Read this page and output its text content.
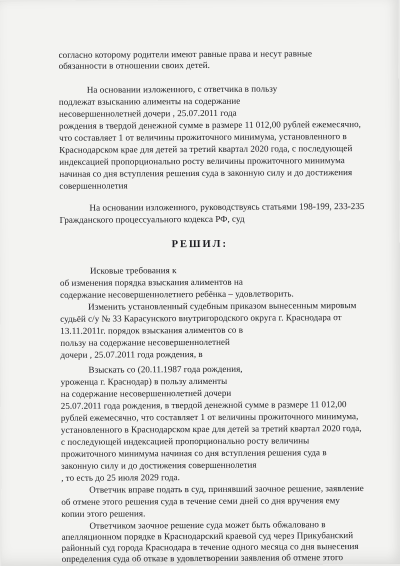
согласно которому родители имеют равные права и несут равные
обязанности в отношении своих детей.
На основании изложенного, с ответчика в пользу
подлежат взысканию алименты на содержание
несовершеннолетней дочери , 25.07.2011 года
рождения в твердой денежной сумме в размере 11 012,00 рублей ежемесячно,
что составляет 1 от величины прожиточного минимума, установленного в
Краснодарском крае для детей за третий квартал 2020 года, с последующей
индексацией пропорционально росту величины прожиточного минимума
начиная со дня вступления решения суда в законную силу и до достижения
совершеннолетия
На основании изложенного, руководствуясь статьями 198-199, 233-235
Гражданского процессуального кодекса РФ, суд
РЕШИЛ:
Исковые требования к
об изменения порядка взыскания алиментов на
содержание несовершеннолетнего ребёнка – удовлетворить.
Изменить установленный судебным приказом вынесенным мировым
судьёй с/у № 33 Карасунского внутригородского округа г. Краснодара от
13.11.2011г. порядок взыскания алиментов со в
пользу на содержание несовершеннолетней
дочери , 25.07.2011 года рождения, в
Взыскать со (20.11.1987 года рождения,
уроженца г. Краснодар) в пользу алименты
на содержание несовершеннолетней дочери
25.07.2011 года рождения, в твердой денежной сумме в размере 11 012,00
рублей ежемесячно, что составляет 1 от величины прожиточного минимума,
установленного в Краснодарском крае для детей за третий квартал 2020 года,
с последующей индексацией пропорционально росту величины
прожиточного минимума начиная со дня вступления решения суда в
законную силу и до достижения совершеннолетия
, то есть до 25 июля 2029 года.
Ответчик вправе подать в суд, принявший заочное решение, заявление
об отмене этого решения суда в течение семи дней со дня вручения ему
копии этого решения.
Ответчиком заочное решение суда может быть обжаловано в
апелляционном порядке в Краснодарский краевой суд через Прикубанский
районный суд города Краснодара в течение одного месяца со дня вынесения
определения суда об отказе в удовлетворении заявления об отмене этого
